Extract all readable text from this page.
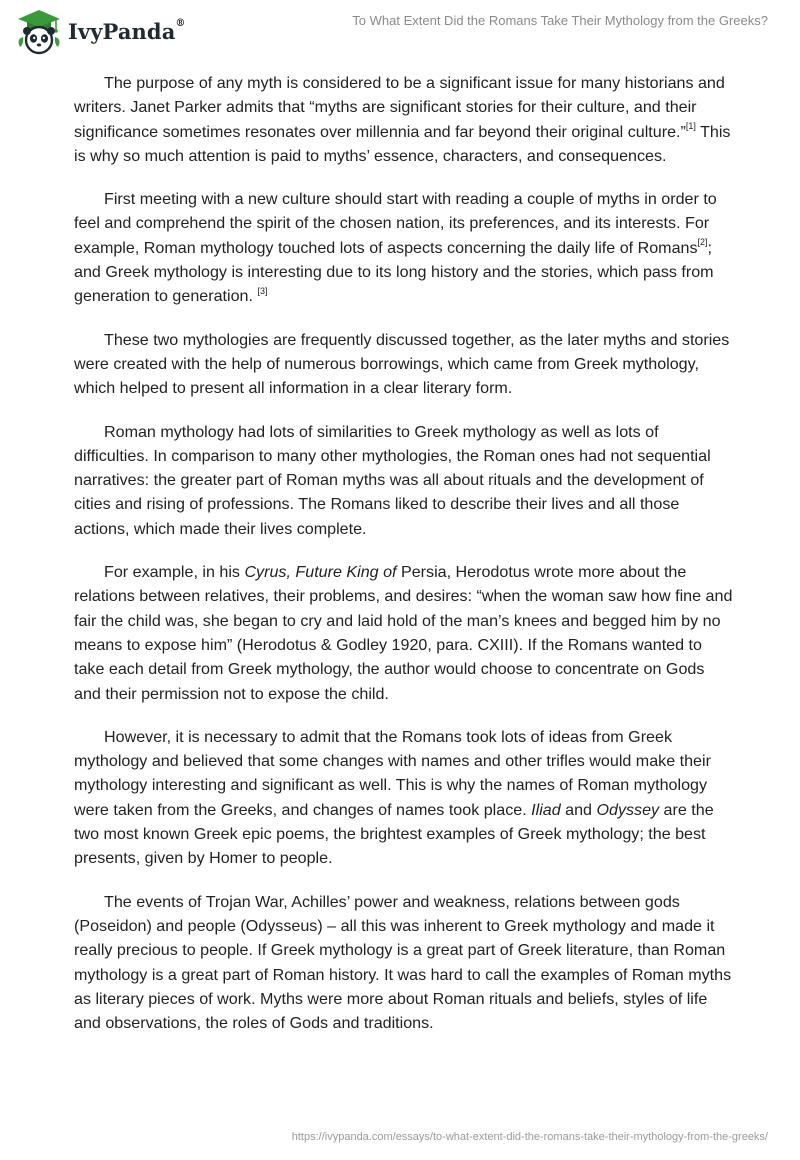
IvyPanda®	To What Extent Did the Romans Take Their Mythology from the Greeks?

The purpose of any myth is considered to be a significant issue for many historians and writers. Janet Parker admits that “myths are significant stories for their culture, and their significance sometimes resonates over millennia and far beyond their original culture.”[1] This is why so much attention is paid to myths’ essence, characters, and consequences.

First meeting with a new culture should start with reading a couple of myths in order to feel and comprehend the spirit of the chosen nation, its preferences, and its interests. For example, Roman mythology touched lots of aspects concerning the daily life of Romans[2]; and Greek mythology is interesting due to its long history and the stories, which pass from generation to generation. [3]

These two mythologies are frequently discussed together, as the later myths and stories were created with the help of numerous borrowings, which came from Greek mythology, which helped to present all information in a clear literary form.

Roman mythology had lots of similarities to Greek mythology as well as lots of difficulties. In comparison to many other mythologies, the Roman ones had not sequential narratives: the greater part of Roman myths was all about rituals and the development of cities and rising of professions. The Romans liked to describe their lives and all those actions, which made their lives complete.

For example, in his Cyrus, Future King of Persia, Herodotus wrote more about the relations between relatives, their problems, and desires: “when the woman saw how fine and fair the child was, she began to cry and laid hold of the man’s knees and begged him by no means to expose him” (Herodotus & Godley 1920, para. CXIII). If the Romans wanted to take each detail from Greek mythology, the author would choose to concentrate on Gods and their permission not to expose the child.

However, it is necessary to admit that the Romans took lots of ideas from Greek mythology and believed that some changes with names and other trifles would make their mythology interesting and significant as well. This is why the names of Roman mythology were taken from the Greeks, and changes of names took place. Iliad and Odyssey are the two most known Greek epic poems, the brightest examples of Greek mythology; the best presents, given by Homer to people.

The events of Trojan War, Achilles’ power and weakness, relations between gods (Poseidon) and people (Odysseus) – all this was inherent to Greek mythology and made it really precious to people. If Greek mythology is a great part of Greek literature, than Roman mythology is a great part of Roman history. It was hard to call the examples of Roman myths as literary pieces of work. Myths were more about Roman rituals and beliefs, styles of life and observations, the roles of Gods and traditions.

https://ivypanda.com/essays/to-what-extent-did-the-romans-take-their-mythology-from-the-greeks/
